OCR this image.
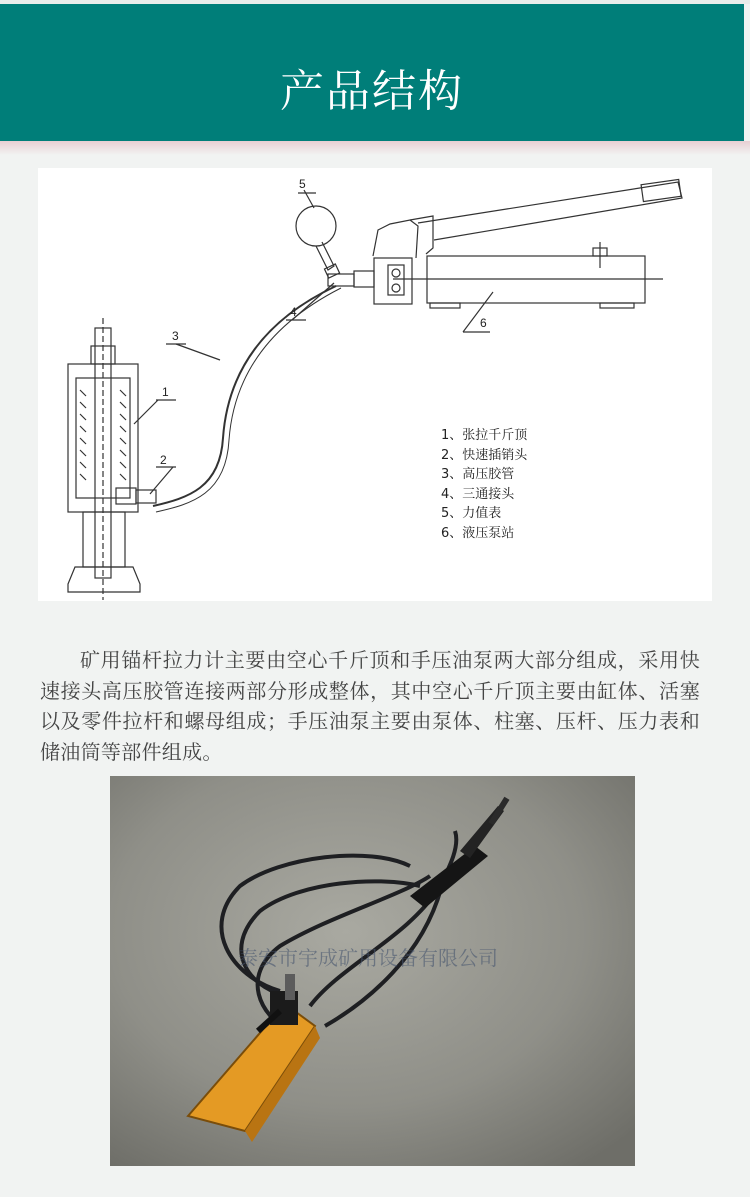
产品结构
5
4
3
1
2
6
1、张拉千斤顶
2、快速插销头
3、高压胶管
4、三通接头
5、力值表
6、液压泵站
矿用锚杆拉力计主要由空心千斤顶和手压油泵两大部分组成，采用快速接头高压胶管连接两部分形成整体，其中空心千斤顶主要由缸体、活塞以及零件拉杆和螺母组成；手压油泵主要由泵体、柱塞、压杆、压力表和储油筒等部件组成。
泰安市宇成矿用设备有限公司
